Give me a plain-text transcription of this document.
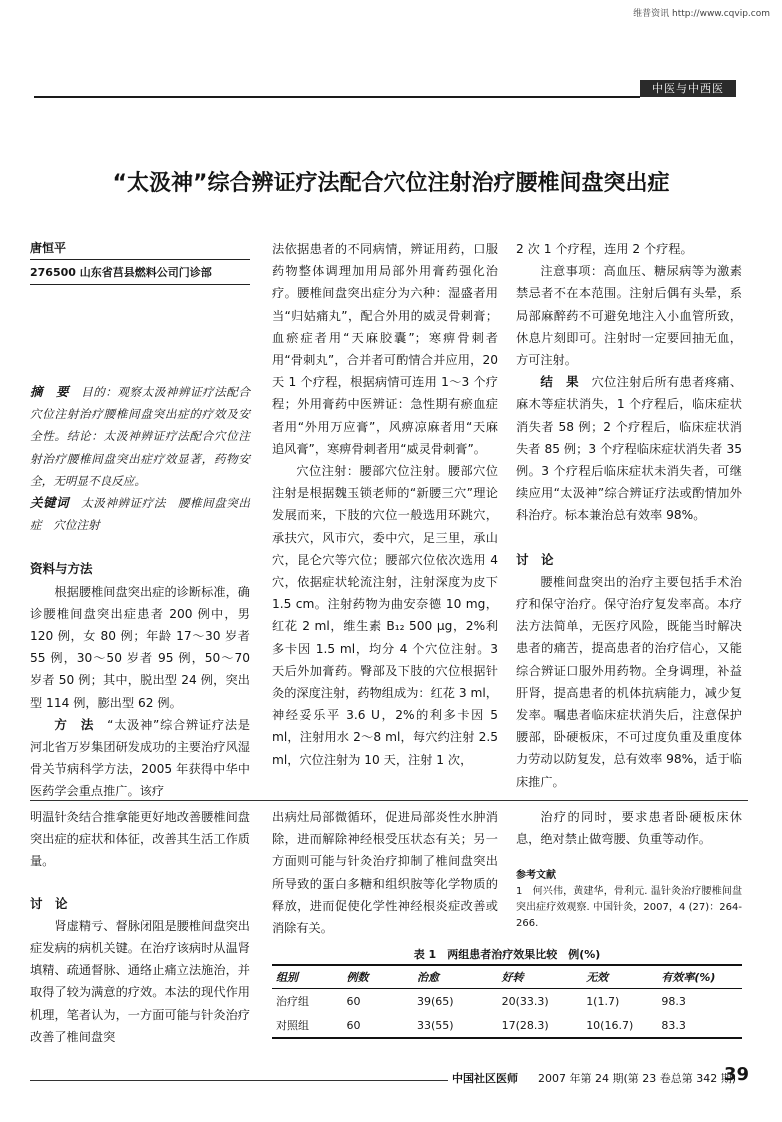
维普资讯 http://www.cqvip.com
中医与中西医
“太汲神”综合辨证疗法配合穴位注射治疗腰椎间盘突出症
唐恒平
276500 山东省莒县燃料公司门诊部
摘　要　 目的：观察太汲神辨证疗法配合穴位注射治疗腰椎间盘突出症的疗效及安全性。结论：太汲神辨证疗法配合穴位注射治疗腰椎间盘突出症疗效显著，药物安全，无明显不良反应。
关键词　 太汲神辨证疗法　腰椎间盘突出症　穴位注射
资料与方法

根据腰椎间盘突出症的诊断标准，确诊腰椎间盘突出症患者 200 例中，男 120 例，女 80 例；年龄 17～30 岁者 55 例，30～50 岁者 95 例，50～70 岁者 50 例；其中，脱出型 24 例，突出型 114 例，膨出型 62 例。

方　法　 “太汲神”综合辨证疗法是河北省万岁集团研发成功的主要治疗风湿骨关节病科学方法，2005 年获得中华中医药学会重点推广。该疗

法依据患者的不同病情，辨证用药，口服药物整体调理加用局部外用膏药强化治疗。腰椎间盘突出症分为六种：湿盛者用当“归姑痛丸”，配合外用的威灵骨刺膏；血瘀症者用“天麻胶囊”；寒痹骨刺者用“骨刺丸”，合并者可酌情合并应用，20 天 1 个疗程，根据病情可连用 1～3 个疗程；外用膏药中医辨证：急性期有瘀血症者用“外用万应膏”，风痹凉麻者用“天麻追风膏”，寒痹骨刺者用“威灵骨刺膏”。

穴位注射：腰部穴位注射。腰部穴位注射是根据魏玉锁老师的“新腰三穴”理论发展而来，下肢的穴位一般选用环跳穴，承扶穴，风市穴，委中穴，足三里，承山穴，昆仑穴等穴位；腰部穴位依次选用 4 穴，依据症状轮流注射，注射深度为皮下 1.5 cm。注射药物为曲安奈德 10 mg，红花 2 ml，维生素 B₁₂ 500 μg，2%利多卡因 1.5 ml，均分 4 个穴位注射。3 天后外加膏药。臀部及下肢的穴位根据针灸的深度注射，药物组成为：红花 3 ml，神经妥乐平 3.6 U，2%的利多卡因 5 ml，注射用水 2～8 ml，每穴约注射 2.5 ml，穴位注射为 10 天，注射 1 次，

2 次 1 个疗程，连用 2 个疗程。

注意事项：高血压、糖尿病等为激素禁忌者不在本范围。注射后偶有头晕，系局部麻醉药不可避免地注入小血管所致，休息片刻即可。注射时一定要回抽无血，方可注射。

结　果　 穴位注射后所有患者疼痛、麻木等症状消失，1 个疗程后，临床症状消失者 58 例；2 个疗程后，临床症状消失者 85 例；3 个疗程临床症状消失者 35 例。3 个疗程后临床症状未消失者，可继续应用“太汲神”综合辨证疗法或酌情加外科治疗。标本兼治总有效率 98%。

讨　论

腰椎间盘突出的治疗主要包括手术治疗和保守治疗。保守治疗复发率高。本疗法方法简单，无医疗风险，既能当时解决患者的痛苦，提高患者的治疗信心，又能综合辨证口服外用药物。全身调理，补益肝肾，提高患者的机体抗病能力，减少复发率。嘱患者临床症状消失后，注意保护腰部，卧硬板床，不可过度负重及重度体力劳动以防复发，总有效率 98%，适于临床推广。

明温针灸结合推拿能更好地改善腰椎间盘突出症的症状和体征，改善其生活工作质量。

讨　论

肾虚精亏、督脉闭阻是腰椎间盘突出症发病的病机关键。在治疗该病时从温肾填精、疏通督脉、通络止痛立法施治，并取得了较为满意的疗效。本法的现代作用机理，笔者认为，一方面可能与针灸治疗改善了椎间盘突

出病灶局部微循环，促进局部炎性水肿消除，进而解除神经根受压状态有关；另一方面则可能与针灸治疗抑制了椎间盘突出所导致的蛋白多糖和组织胺等化学物质的释放，进而促使化学性神经根炎症改善或消除有关。

治疗的同时，要求患者卧硬板床休息，绝对禁止做弯腰、负重等动作。

参考文献
1　何兴伟，黄建华，骨利元. 温针灸治疗腰椎间盘突出症疗效观察. 中国针灸，2007，4 (27)：264-266.
表 1　两组患者治疗效果比较　例(%)
组别	例数	治愈	好转	无效	有效率(%)
治疗组	60	39(65)	20(33.3)	1(1.7)	98.3
对照组	60	33(55)	17(28.3)	10(16.7)	83.3
中国社区医师 2007 年第 24 期(第 23 卷总第 342 期)
39
